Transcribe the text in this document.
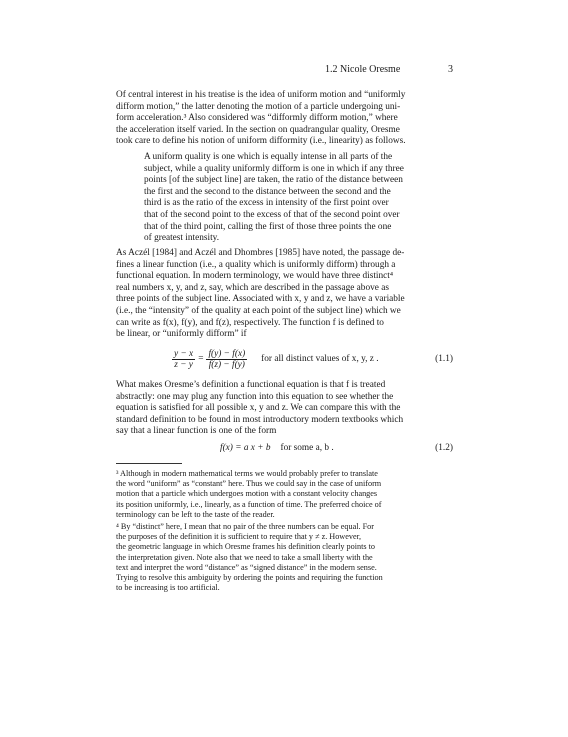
1.2 Nicole Oresme	3
Of central interest in his treatise is the idea of uniform motion and “uniformly
difform motion,” the latter denoting the motion of a particle undergoing uni-
form acceleration.³ Also considered was “difformly difform motion,” where
the acceleration itself varied. In the section on quadrangular quality, Oresme
took care to define his notion of uniform difformity (i.e., linearity) as follows.
A uniform quality is one which is equally intense in all parts of the
subject, while a quality uniformly difform is one in which if any three
points [of the subject line] are taken, the ratio of the distance between
the first and the second to the distance between the second and the
third is as the ratio of the excess in intensity of the first point over
that of the second point to the excess of that of the second point over
that of the third point, calling the first of those three points the one
of greatest intensity.
As Aczél [1984] and Aczél and Dhombres [1985] have noted, the passage de-
fines a linear function (i.e., a quality which is uniformly difform) through a
functional equation. In modern terminology, we would have three distinct⁴
real numbers x, y, and z, say, which are described in the passage above as
three points of the subject line. Associated with x, y and z, we have a variable
(i.e., the “intensity” of the quality at each point of the subject line) which we
can write as f(x), f(y), and f(z), respectively. The function f is defined to
be linear, or “uniformly difform” if
$\frac{y - x}{z - y} = \frac{f(y) - f(x)}{f(z) - f(y)}$ for all distinct values of x, y, z .	(1.1)
What makes Oresme’s definition a functional equation is that f is treated
abstractly: one may plug any function into this equation to see whether the
equation is satisfied for all possible x, y and z. We can compare this with the
standard definition to be found in most introductory modern textbooks which
say that a linear function is one of the form
f(x) = a x + b for some a, b .	(1.2)
³ Although in modern mathematical terms we would probably prefer to translate
the word “uniform” as “constant” here. Thus we could say in the case of uniform
motion that a particle which undergoes motion with a constant velocity changes
its position uniformly, i.e., linearly, as a function of time. The preferred choice of
terminology can be left to the taste of the reader.
⁴ By “distinct” here, I mean that no pair of the three numbers can be equal. For
the purposes of the definition it is sufficient to require that y ≠ z. However,
the geometric language in which Oresme frames his definition clearly points to
the interpretation given. Note also that we need to take a small liberty with the
text and interpret the word “distance” as “signed distance” in the modern sense.
Trying to resolve this ambiguity by ordering the points and requiring the function
to be increasing is too artificial.
